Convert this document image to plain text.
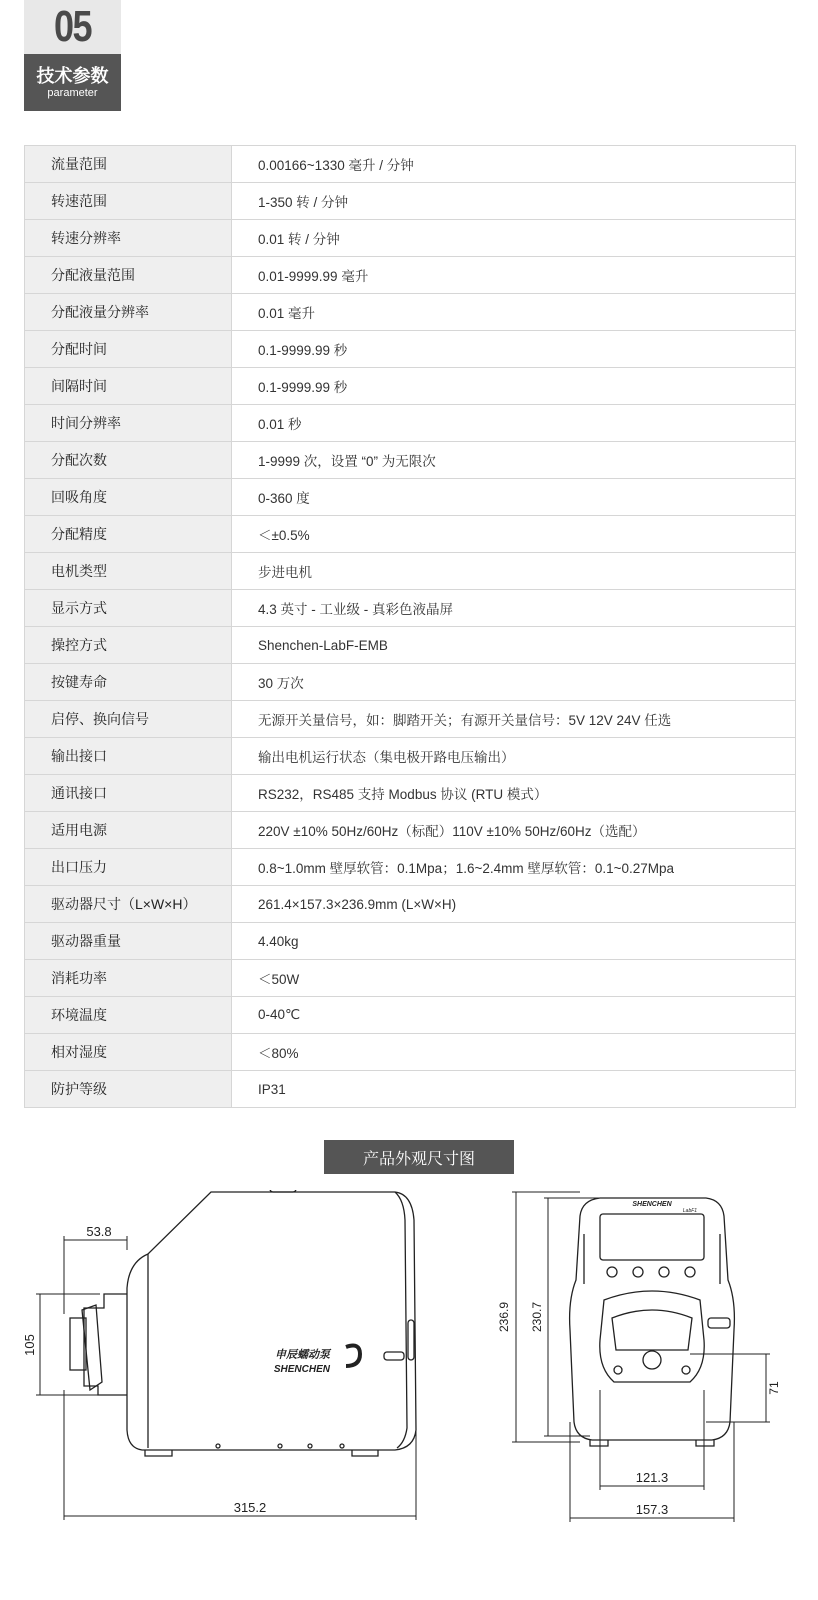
05
技术参数
parameter
流量范围	0.00166~1330 毫升 / 分钟
转速范围	1-350 转 / 分钟
转速分辨率	0.01 转 / 分钟
分配液量范围	0.01-9999.99 毫升
分配液量分辨率	0.01 毫升
分配时间	0.1-9999.99 秒
间隔时间	0.1-9999.99 秒
时间分辨率	0.01 秒
分配次数	1-9999 次，设置 “0” 为无限次
回吸角度	0-360 度
分配精度	＜±0.5%
电机类型	步进电机
显示方式	4.3 英寸 - 工业级 - 真彩色液晶屏
操控方式	Shenchen-LabF-EMB
按键寿命	30 万次
启停、换向信号	无源开关量信号，如：脚踏开关；有源开关量信号：5V 12V 24V 任选
输出接口	输出电机运行状态（集电极开路电压输出）
通讯接口	RS232，RS485 支持 Modbus 协议 (RTU 模式）
适用电源	220V ±10% 50Hz/60Hz（标配）110V ±10% 50Hz/60Hz（选配）
出口压力	0.8~1.0mm 壁厚软管：0.1Mpa；1.6~2.4mm 壁厚软管：0.1~0.27Mpa
驱动器尺寸（L×W×H）	261.4×157.3×236.9mm (L×W×H)
驱动器重量	4.40kg
消耗功率	＜50W
环境温度	0-40℃
相对湿度	＜80%
防护等级	IP31
产品外观尺寸图
申辰蠕动泵
SHENCHEN
53.8
105
315.2
SHENCHEN
LabF1
236.9 230.7
71
121.3
157.3
